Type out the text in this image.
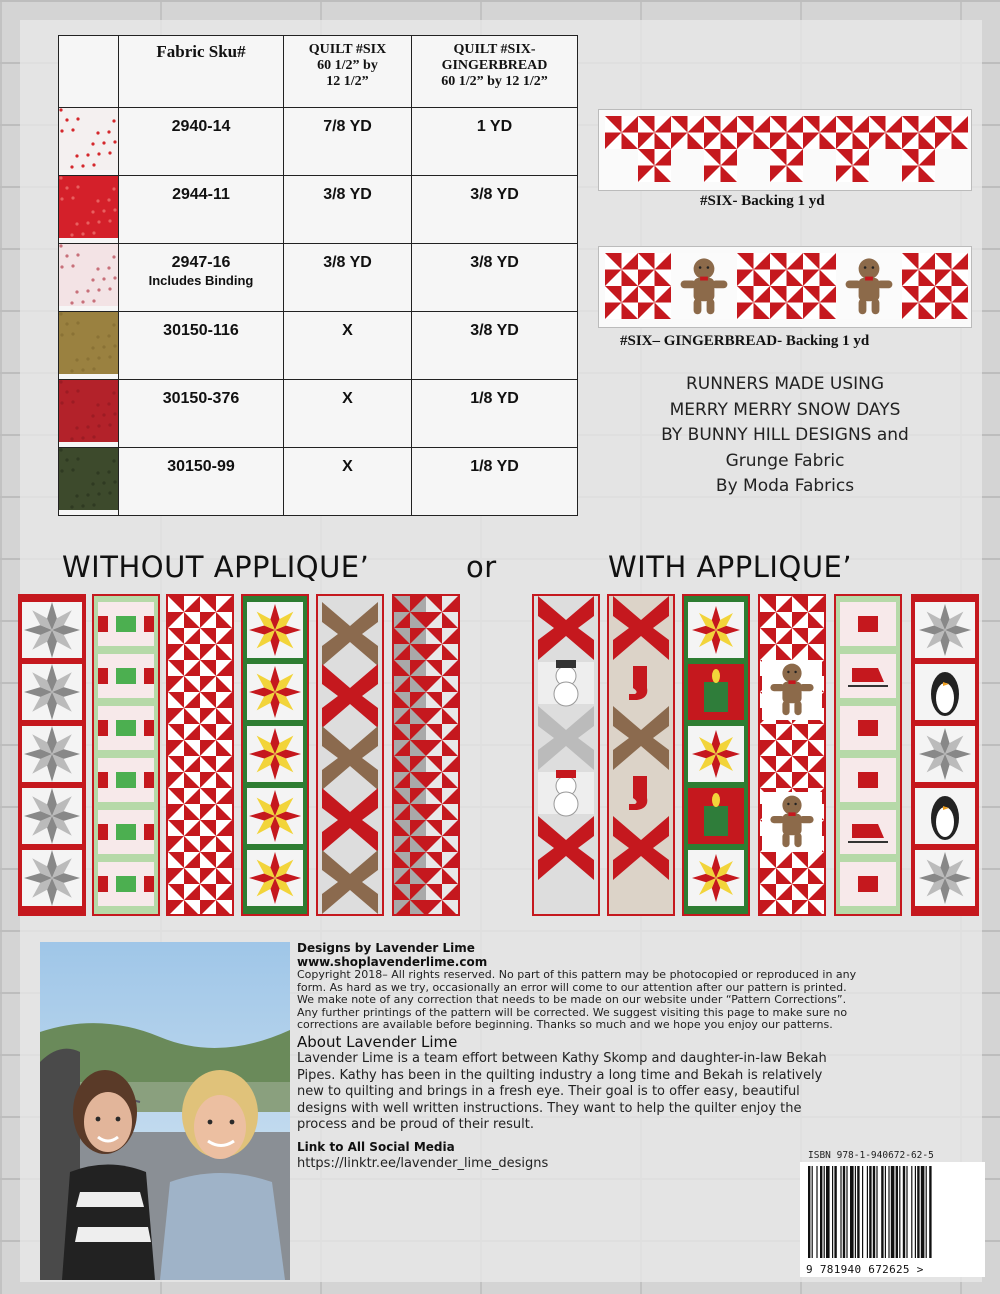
	Fabric Sku#	QUILT #SIX
60 1/2” by
12 1/2”	QUILT #SIX-
GINGERBREAD
60 1/2” by 12 1/2”
	2940-14	7/8 YD	1 YD
	2944-11	3/8 YD	3/8 YD
	2947-16
Includes Binding	3/8 YD	3/8 YD
	30150-116	X	3/8 YD
	30150-376	X	1/8 YD
	30150-99	X	1/8 YD
#SIX- Backing 1 yd
#SIX– GINGERBREAD- Backing 1 yd
RUNNERS MADE USING
MERRY MERRY SNOW DAYS
BY BUNNY HILL DESIGNS and
Grunge Fabric
By Moda Fabrics
WITHOUT APPLIQUE’	or	WITH APPLIQUE’
Designs by Lavender Lime
www.shoplavenderlime.com
Copyright 2018– All rights reserved. No part of this pattern may be photocopied or reproduced in any
form. As hard as we try, occasionally an error will come to our attention after our pattern is printed.
We make note of any correction that needs to be made on our website under “Pattern Corrections”.
Any further printings of the pattern will be corrected. We suggest visiting this page to make sure no
corrections are available before beginning. Thanks so much and we hope you enjoy our patterns.
About Lavender Lime
Lavender Lime is a team effort between Kathy Skomp and daughter-in-law Bekah
Pipes. Kathy has been in the quilting industry a long time and Bekah is relatively
new to quilting and brings in a fresh eye. Their goal is to offer easy, beautiful
designs with well written instructions. They want to help the quilter enjoy the
process and be proud of their result.
Link to All Social Media
https://linktr.ee/lavender_lime_designs
ISBN 978-1-940672-62-5
9 781940 672625 >
